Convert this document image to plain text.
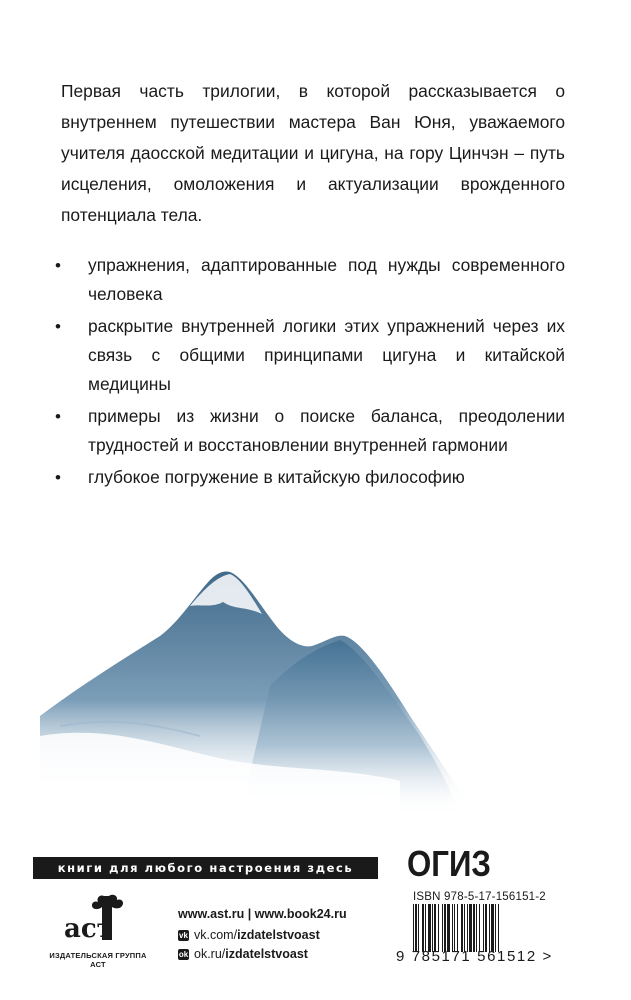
Первая часть трилогии, в которой рассказывается о внутреннем путешествии мастера Ван Юня, уважаемого учителя даосской медитации и цигуна, на гору Цинчэн – путь исцеления, омоложения и актуализации врожденного потенциала тела.

• упражнения, адаптированные под нужды современного человека
• раскрытие внутренней логики этих упражнений через их связь с общими принципами цигуна и китайской медицины
• примеры из жизни о поиске баланса, преодолении трудностей и восстановлении внутренней гармонии
• глубокое погружение в китайскую философию
книги для любого настроения здесь
аст
ИЗДАТЕЛЬСКАЯ ГРУППА АСТ
www.ast.ru | www.book24.ru
vk vk.com/izdatelstvoast
ok ok.ru/izdatelstvoast
ОГИЗ
ISBN 978-5-17-156151-2
9 785171 561512 >
